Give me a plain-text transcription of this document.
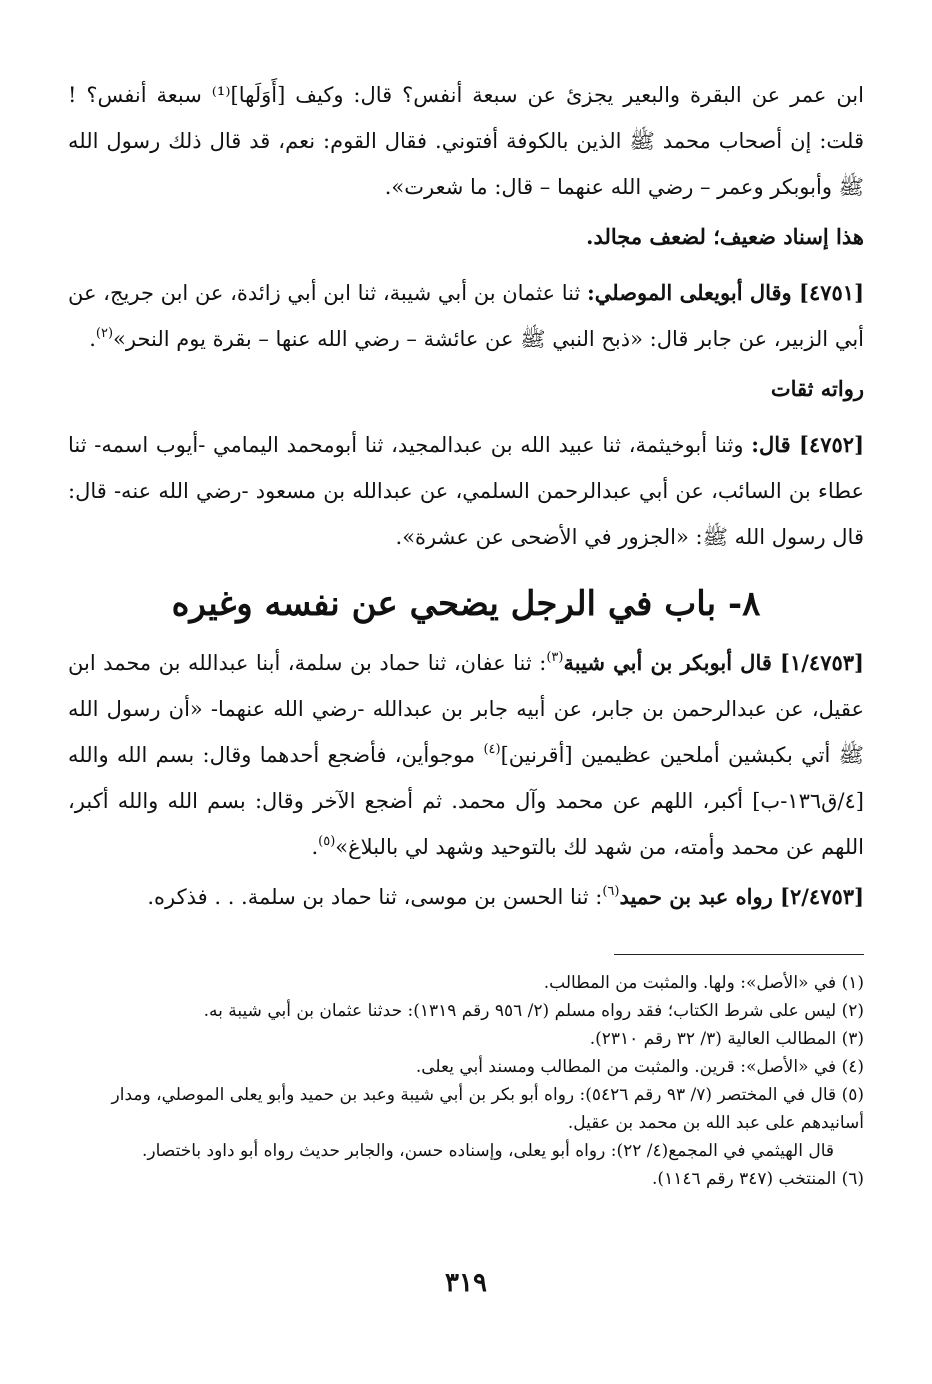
ابن عمر عن البقرة والبعير يجزئ عن سبعة أنفس؟ قال: وكيف [أَوَلَها]⁽¹⁾ سبعة أنفس؟ ! قلت: إن أصحاب محمد ﷺ الذين بالكوفة أفتوني. فقال القوم: نعم، قد قال ذلك رسول الله ﷺ وأبوبكر وعمر – رضي الله عنهما – قال: ما شعرت».

هذا إسناد ضعيف؛ لضعف مجالد.

[٤٧٥١] وقال أبويعلى الموصلي: ثنا عثمان بن أبي شيبة، ثنا ابن أبي زائدة، عن ابن جريج، عن أبي الزبير، عن جابر قال: «ذبح النبي ﷺ عن عائشة – رضي الله عنها – بقرة يوم النحر»$^{(٢)}$.

رواته ثقات

[٤٧٥٢] قال: وثنا أبوخيثمة، ثنا عبيد الله بن عبدالمجيد، ثنا أبومحمد اليمامي -أيوب اسمه- ثنا عطاء بن السائب، عن أبي عبدالرحمن السلمي، عن عبدالله بن مسعود -رضي الله عنه- قال: قال رسول الله ﷺ: «الجزور في الأضحى عن عشرة».

٨- باب في الرجل يضحي عن نفسه وغيره

[١/٤٧٥٣] قال أبوبكر بن أبي شيبة$^{(٣)}$: ثنا عفان، ثنا حماد بن سلمة، أبنا عبدالله بن محمد ابن عقيل، عن عبدالرحمن بن جابر، عن أبيه جابر بن عبدالله -رضي الله عنهما- «أن رسول الله ﷺ أتي بكبشين أملحين عظيمين [أقرنين]$^{(٤)}$ موجوأين، فأضجع أحدهما وقال: بسم الله والله [٤/ق١٣٦-ب] أكبر، اللهم عن محمد وآل محمد. ثم أضجع الآخر وقال: بسم الله والله أكبر، اللهم عن محمد وأمته، من شهد لك بالتوحيد وشهد لي بالبلاغ»$^{(٥)}$.

[٢/٤٧٥٣] رواه عبد بن حميد$^{(٦)}$: ثنا الحسن بن موسى، ثنا حماد بن سلمة. . . فذكره.

(١) في «الأصل»: ولها. والمثبت من المطالب.

(٢) ليس على شرط الكتاب؛ فقد رواه مسلم (٢/ ٩٥٦ رقم ١٣١٩): حدثنا عثمان بن أبي شيبة به.

(٣) المطالب العالية (٣/ ٣٢ رقم ٢٣١٠).

(٤) في «الأصل»: قرين. والمثبت من المطالب ومسند أبي يعلى.

(٥) قال في المختصر (٧/ ٩٣ رقم ٥٤٢٦): رواه أبو بكر بن أبي شيبة وعبد بن حميد وأبو يعلى الموصلي، ومدار أسانيدهم على عبد الله بن محمد بن عقيل.

قال الهيثمي في المجمع(٤/ ٢٢): رواه أبو يعلى، وإسناده حسن، والجابر حديث رواه أبو داود باختصار.

(٦) المنتخب (٣٤٧ رقم ١١٤٦).

٣١٩
